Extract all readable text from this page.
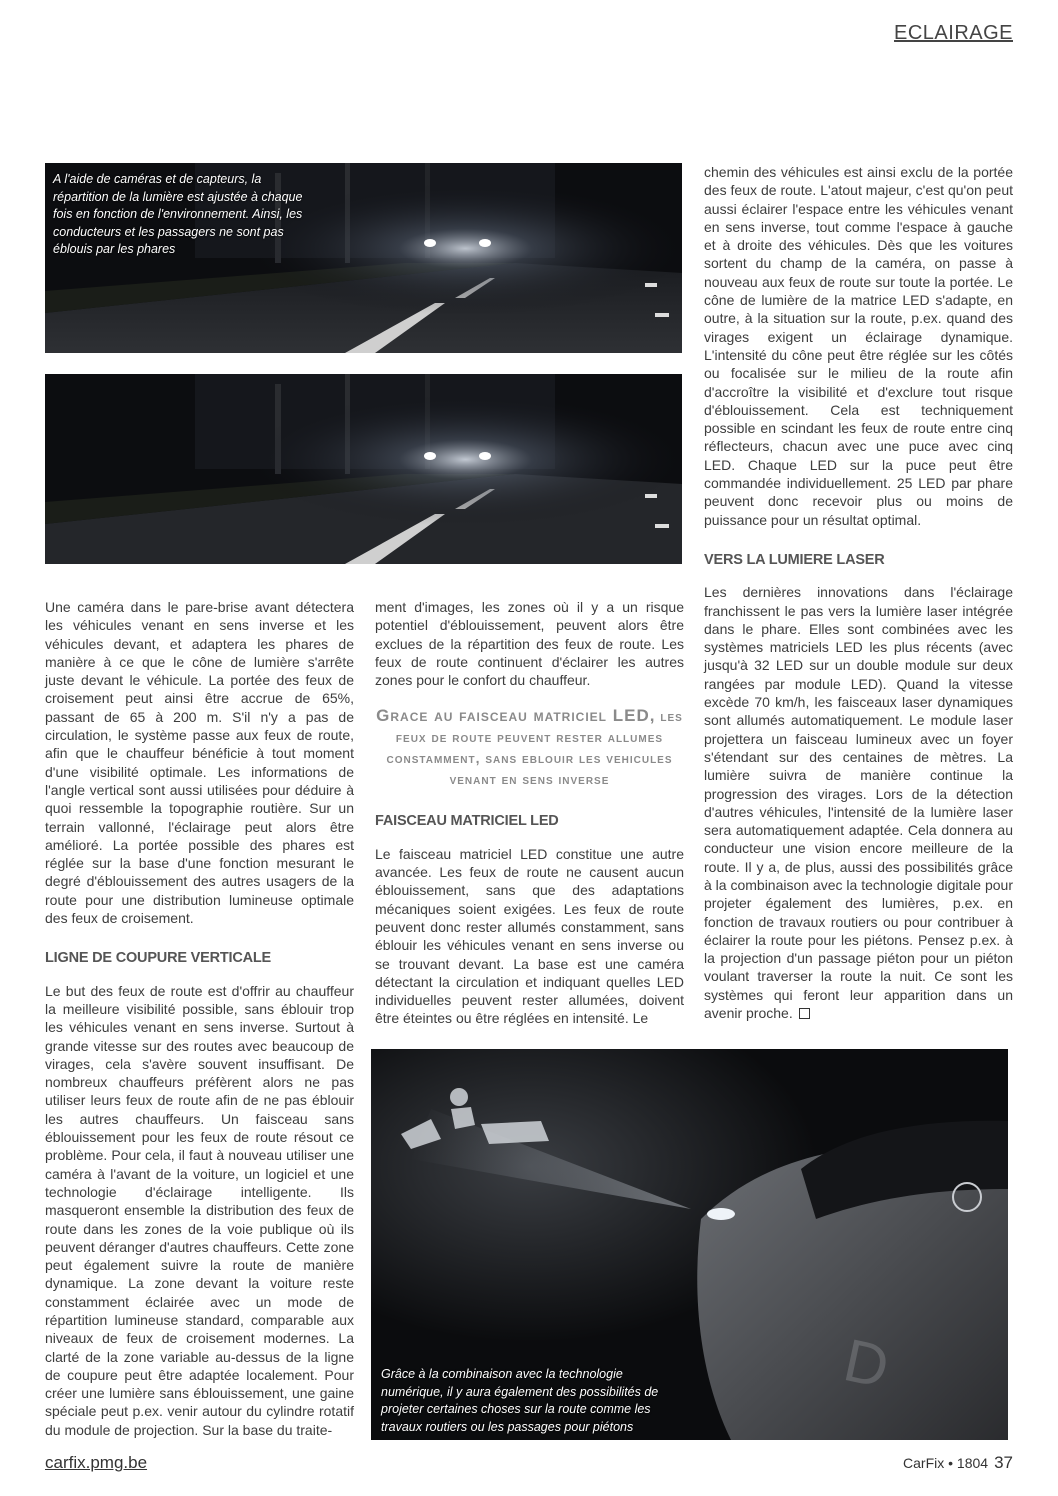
ECLAIRAGE
A l'aide de caméras et de capteurs, la répartition de la lumière est ajustée à chaque fois en fonction de l'environnement. Ainsi, les conducteurs et les passagers ne sont pas éblouis par les phares

Une caméra dans le pare-brise avant détectera les véhicules venant en sens inverse et les véhicules devant, et adaptera les phares de manière à ce que le cône de lumière s'arrête juste devant le véhicule. La portée des feux de croisement peut ainsi être accrue de 65%, passant de 65 à 200 m. S'il n'y a pas de circulation, le système passe aux feux de route, afin que le chauffeur bénéficie à tout moment d'une visibilité optimale. Les informations de l'angle vertical sont aussi utilisées pour déduire à quoi ressemble la topographie routière. Sur un terrain vallonné, l'éclairage peut alors être amélioré. La portée possible des phares est réglée sur la base d'une fonction mesurant le degré d'éblouissement des autres usagers de la route pour une distribution lumineuse optimale des feux de croisement.

LIGNE DE COUPURE VERTICALE

Le but des feux de route est d'offrir au chauffeur la meilleure visibilité possible, sans éblouir trop les véhicules venant en sens inverse. Surtout à grande vitesse sur des routes avec beaucoup de virages, cela s'avère souvent insuffisant. De nombreux chauffeurs préfèrent alors ne pas utiliser leurs feux de route afin de ne pas éblouir les autres chauffeurs. Un faisceau sans éblouissement pour les feux de route résout ce problème. Pour cela, il faut à nouveau utiliser une caméra à l'avant de la voiture, un logiciel et une technologie d'éclairage intelligente. Ils masqueront ensemble la distribution des feux de route dans les zones de la voie publique où ils peuvent déranger d'autres chauffeurs. Cette zone peut également suivre la route de manière dynamique. La zone devant la voiture reste constamment éclairée avec un mode de répartition lumineuse standard, comparable aux niveaux de feux de croisement modernes. La clarté de la zone variable au-dessus de la ligne de coupure peut être adaptée localement. Pour créer une lumière sans éblouissement, une gaine spéciale peut p.ex. venir autour du cylindre rotatif du module de projection. Sur la base du traite-

ment d'images, les zones où il y a un risque potentiel d'éblouissement, peuvent alors être exclues de la répartition des feux de route. Les feux de route continuent d'éclairer les autres zones pour le confort du chauffeur.

Grace au faisceau matriciel LED, les feux de route peuvent rester allumes constamment, sans eblouir les vehicules venant en sens inverse

FAISCEAU MATRICIEL LED

Le faisceau matriciel LED constitue une autre avancée. Les feux de route ne causent aucun éblouissement, sans que des adaptations mécaniques soient exigées. Les feux de route peuvent donc rester allumés constamment, sans éblouir les véhicules venant en sens inverse ou se trouvant devant. La base est une caméra détectant la circulation et indiquant quelles LED individuelles peuvent rester allumées, doivent être éteintes ou être réglées en intensité. Le

chemin des véhicules est ainsi exclu de la portée des feux de route. L'atout majeur, c'est qu'on peut aussi éclairer l'espace entre les véhicules venant en sens inverse, tout comme l'espace à gauche et à droite des véhicules. Dès que les voitures sortent du champ de la caméra, on passe à nouveau aux feux de route sur toute la portée. Le cône de lumière de la matrice LED s'adapte, en outre, à la situation sur la route, p.ex. quand des virages exigent un éclairage dynamique. L'intensité du cône peut être réglée sur les côtés ou focalisée sur le milieu de la route afin d'accroître la visibilité et d'exclure tout risque d'éblouissement. Cela est techniquement possible en scindant les feux de route entre cinq réflecteurs, chacun avec une puce avec cinq LED. Chaque LED sur la puce peut être commandée individuellement. 25 LED par phare peuvent donc recevoir plus ou moins de puissance pour un résultat optimal.

VERS LA LUMIERE LASER

Les dernières innovations dans l'éclairage franchissent le pas vers la lumière laser intégrée dans le phare. Elles sont combinées avec les systèmes matriciels LED les plus récents (avec jusqu'à 32 LED sur un double module sur deux rangées par module LED). Quand la vitesse excède 70 km/h, les faisceaux laser dynamiques sont allumés automatiquement. Le module laser projettera un faisceau lumineux avec un foyer s'étendant sur des centaines de mètres. La lumière suivra de manière continue la progression des virages. Lors de la détection d'autres véhicules, l'intensité de la lumière laser sera automatiquement adaptée. Cela donnera au conducteur une vision encore meilleure de la route. Il y a, de plus, aussi des possibilités grâce à la combinaison avec la technologie digitale pour projeter également des lumières, p.ex. en fonction de travaux routiers ou pour contribuer à éclairer la route pour les piétons. Pensez p.ex. à la projection d'un passage piéton pour un piéton voulant traverser la route la nuit. Ce sont les systèmes qui feront leur apparition dans un avenir proche.

D
Grâce à la combinaison avec la technologie numérique, il y aura également des possibilités de projeter certaines choses sur la route comme les travaux routiers ou les passages pour piétons
carfix.pmg.be	CarFix • 1804 37
